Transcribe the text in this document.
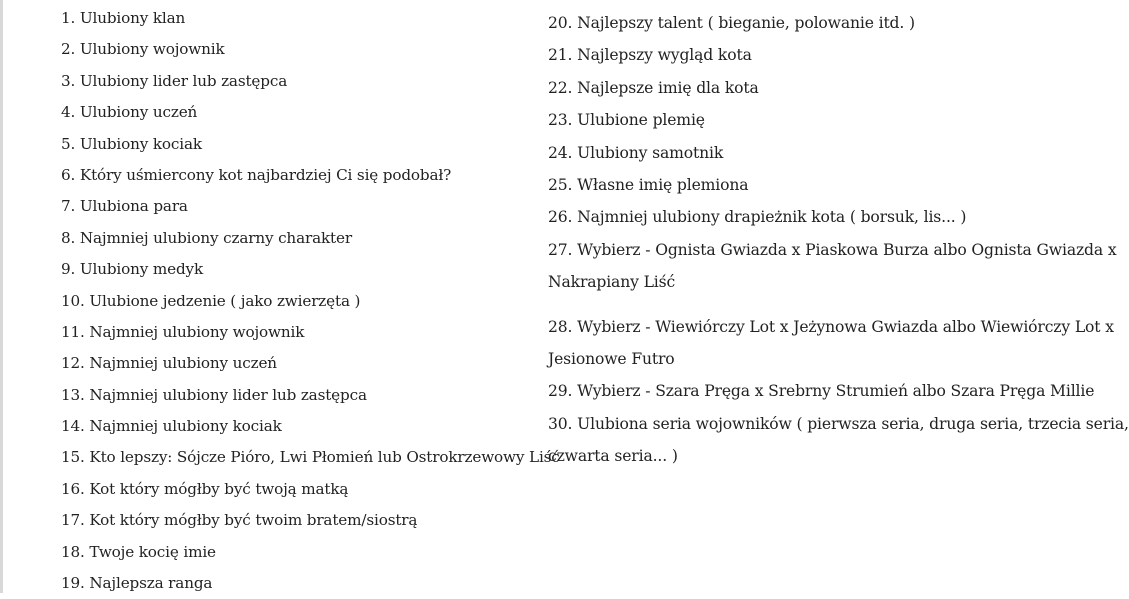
1. Ulubiony klan
2. Ulubiony wojownik
3. Ulubiony lider lub zastępca
4. Ulubiony uczeń
5. Ulubiony kociak
6. Który uśmiercony kot najbardziej Ci się podobał?
7. Ulubiona para
8. Najmniej ulubiony czarny charakter
9. Ulubiony medyk
10. Ulubione jedzenie ( jako zwierzęta )
11. Najmniej ulubiony wojownik
12. Najmniej ulubiony uczeń
13. Najmniej ulubiony lider lub zastępca
14. Najmniej ulubiony kociak
15. Kto lepszy: Sójcze Pióro, Lwi Płomień lub Ostrokrzewowy Liść
16. Kot który mógłby być twoją matką
17. Kot który mógłby być twoim bratem/siostrą
18. Twoje kocię imie
19. Najlepsza ranga
20. Najlepszy talent ( bieganie, polowanie itd. )
21. Najlepszy wygląd kota
22. Najlepsze imię dla kota
23. Ulubione plemię
24. Ulubiony samotnik
25. Własne imię plemiona
26. Najmniej ulubiony drapieżnik kota ( borsuk, lis... )
27. Wybierz - Ognista Gwiazda x Piaskowa Burza albo Ognista Gwiazda x
Nakrapiany Liść
28. Wybierz - Wiewiórczy Lot x Jeżynowa Gwiazda albo Wiewiórczy Lot x
Jesionowe Futro
29. Wybierz - Szara Pręga x Srebrny Strumień albo Szara Pręga Millie
30. Ulubiona seria wojowników ( pierwsza seria, druga seria, trzecia seria,
czwarta seria... )
